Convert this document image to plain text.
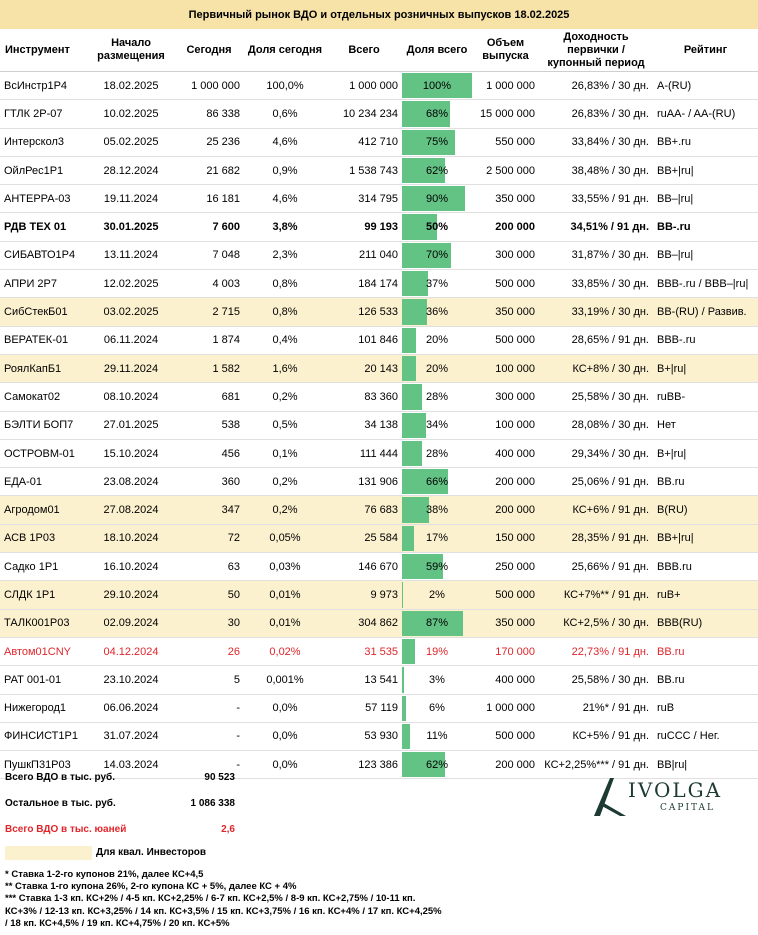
Первичный рынок ВДО и отдельных розничных выпусков 18.02.2025
Инструмент	Начало размещения	Сегодня	Доля сегодня	Всего	Доля всего	Объем выпуска	Доходность первички / купонный период	Рейтинг
ВсИнстр1Р4	18.02.2025	1 000 000	100,0%	1 000 000	100%	1 000 000	26,83% / 30 дн.	A-(RU)
ГТЛК 2Р-07	10.02.2025	86 338	0,6%	10 234 234	68%	15 000 000	26,83% / 30 дн.	ruAA- / AA-(RU)
Интерскол3	05.02.2025	25 236	4,6%	412 710	75%	550 000	33,84% / 30 дн.	BB+.ru
ОйлРес1Р1	28.12.2024	21 682	0,9%	1 538 743	62%	2 500 000	38,48% / 30 дн.	BB+|ru|
АНТЕРРА-03	19.11.2024	16 181	4,6%	314 795	90%	350 000	33,55% / 91 дн.	BB–|ru|
РДВ ТЕХ 01	30.01.2025	7 600	3,8%	99 193	50%	200 000	34,51% / 91 дн.	BB-.ru
СИБАВТО1Р4	13.11.2024	7 048	2,3%	211 040	70%	300 000	31,87% / 30 дн.	BB–|ru|
АПРИ 2Р7	12.02.2025	4 003	0,8%	184 174	37%	500 000	33,85% / 30 дн.	BBB-.ru / BBB–|ru|
СибСтекБ01	03.02.2025	2 715	0,8%	126 533	36%	350 000	33,19% / 30 дн.	BB-(RU) / Развив.
ВЕРАТЕК-01	06.11.2024	1 874	0,4%	101 846	20%	500 000	28,65% / 91 дн.	BBB-.ru
РоялКапБ1	29.11.2024	1 582	1,6%	20 143	20%	100 000	КС+8% / 30 дн.	B+|ru|
Самокат02	08.10.2024	681	0,2%	83 360	28%	300 000	25,58% / 30 дн.	ruBB-
БЭЛТИ БОП7	27.01.2025	538	0,5%	34 138	34%	100 000	28,08% / 30 дн.	Нет
ОСТРОВМ-01	15.10.2024	456	0,1%	111 444	28%	400 000	29,34% / 30 дн.	B+|ru|
ЕДА-01	23.08.2024	360	0,2%	131 906	66%	200 000	25,06% / 91 дн.	BB.ru
Агродом01	27.08.2024	347	0,2%	76 683	38%	200 000	КС+6% / 91 дн.	B(RU)
АСВ 1Р03	18.10.2024	72	0,05%	25 584	17%	150 000	28,35% / 91 дн.	BB+|ru|
Садко 1Р1	16.10.2024	63	0,03%	146 670	59%	250 000	25,66% / 91 дн.	BBB.ru
СЛДК 1Р1	29.10.2024	50	0,01%	9 973	2%	500 000	КС+7%** / 91 дн.	ruB+
ТАЛК001Р03	02.09.2024	30	0,01%	304 862	87%	350 000	КС+2,5% / 30 дн.	BBB(RU)
Автом01CNY	04.12.2024	26	0,02%	31 535	19%	170 000	22,73% / 91 дн.	BB.ru
РАТ 001-01	23.10.2024	5	0,001%	13 541	3%	400 000	25,58% / 30 дн.	BB.ru
Нижегород1	06.06.2024	-	0,0%	57 119	6%	1 000 000	21%* / 91 дн.	ruB
ФИНСИСТ1Р1	31.07.2024	-	0,0%	53 930	11%	500 000	КС+5% / 91 дн.	ruCCC / Нег.
ПушкП31Р03	14.03.2024	-	0,0%	123 386	62%	200 000	КС+2,25%*** / 91 дн.	BB|ru|
Всего ВДО в тыс. руб.	90 523
Остальное в тыс. руб.	1 086 338
Всего ВДО в тыс. юаней	2,6
Для квал. Инвесторов
* Ставка 1-2-го купонов 21%, далее КС+4,5
** Ставка 1-го купона 26%, 2-го купона КС + 5%, далее КС + 4%
*** Ставка 1-3 кп. КС+2% / 4-5 кп. КС+2,25% / 6-7 кп. КС+2,5% / 8-9 кп. КС+2,75% / 10-11 кп.
КС+3% / 12-13 кп. КС+3,25% / 14 кп. КС+3,5% / 15 кп. КС+3,75% / 16 кп. КС+4% / 17 кп. КС+4,25%
/ 18 кп. КС+4,5% / 19 кп. КС+4,75% / 20 кп. КС+5%
IVOLGA
CAPITAL
